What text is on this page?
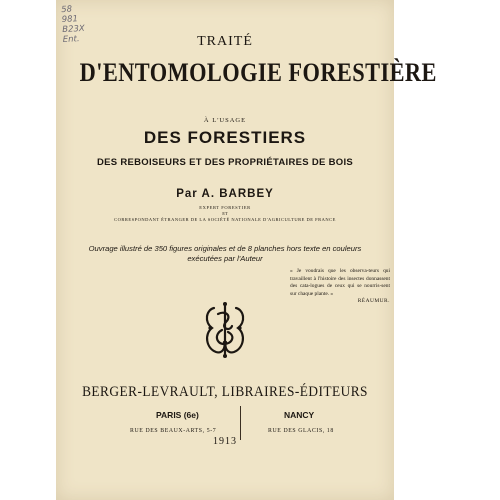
58
981
B23X
Ent.	TRAITÉ
D'ENTOMOLOGIE FORESTIÈRE
À L'USAGE
DES FORESTIERS
DES REBOISEURS ET DES PROPRIÉTAIRES DE BOIS
Par A. BARBEY
EXPERT FORESTIER
ET
CORRESPONDANT ÉTRANGER DE LA SOCIÉTÉ NATIONALE D'AGRICULTURE DE FRANCE
Ouvrage illustré de 350 figures originales et de 8 planches hors texte en couleurs
exécutées par l'Auteur
« Je voudrais que les observa-teurs qui travaillent à l'histoire des insectes donnassent des cata-logues de ceux qui se nourris-sent sur chaque plante. »
RÉAUMUR.
BERGER-LEVRAULT, LIBRAIRES-ÉDITEURS
PARIS (6e)
RUE DES BEAUX-ARTS, 5-7
NANCY
RUE DES GLACIS, 18
1913
